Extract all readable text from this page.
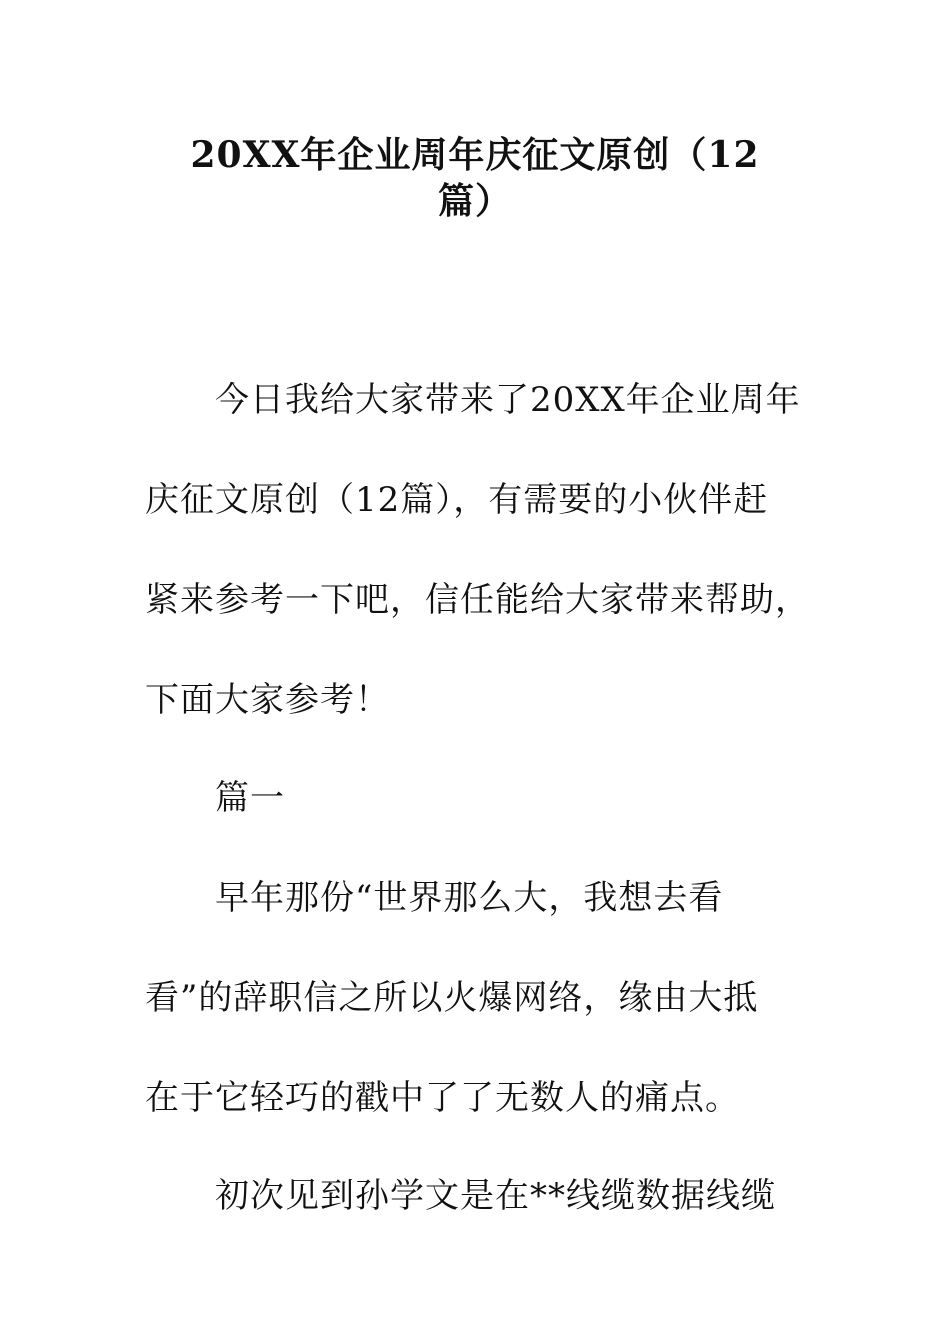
20XX年企业周年庆征文原创（12
篇）
今日我给大家带来了20XX年企业周年
庆征文原创（12篇），有需要的小伙伴赶
紧来参考一下吧，信任能给大家带来帮助，
下面大家参考！
篇一
早年那份“世界那么大，我想去看
看”的辞职信之所以火爆网络，缘由大抵
在于它轻巧的戳中了了无数人的痛点。
初次见到孙学文是在**线缆数据线缆
